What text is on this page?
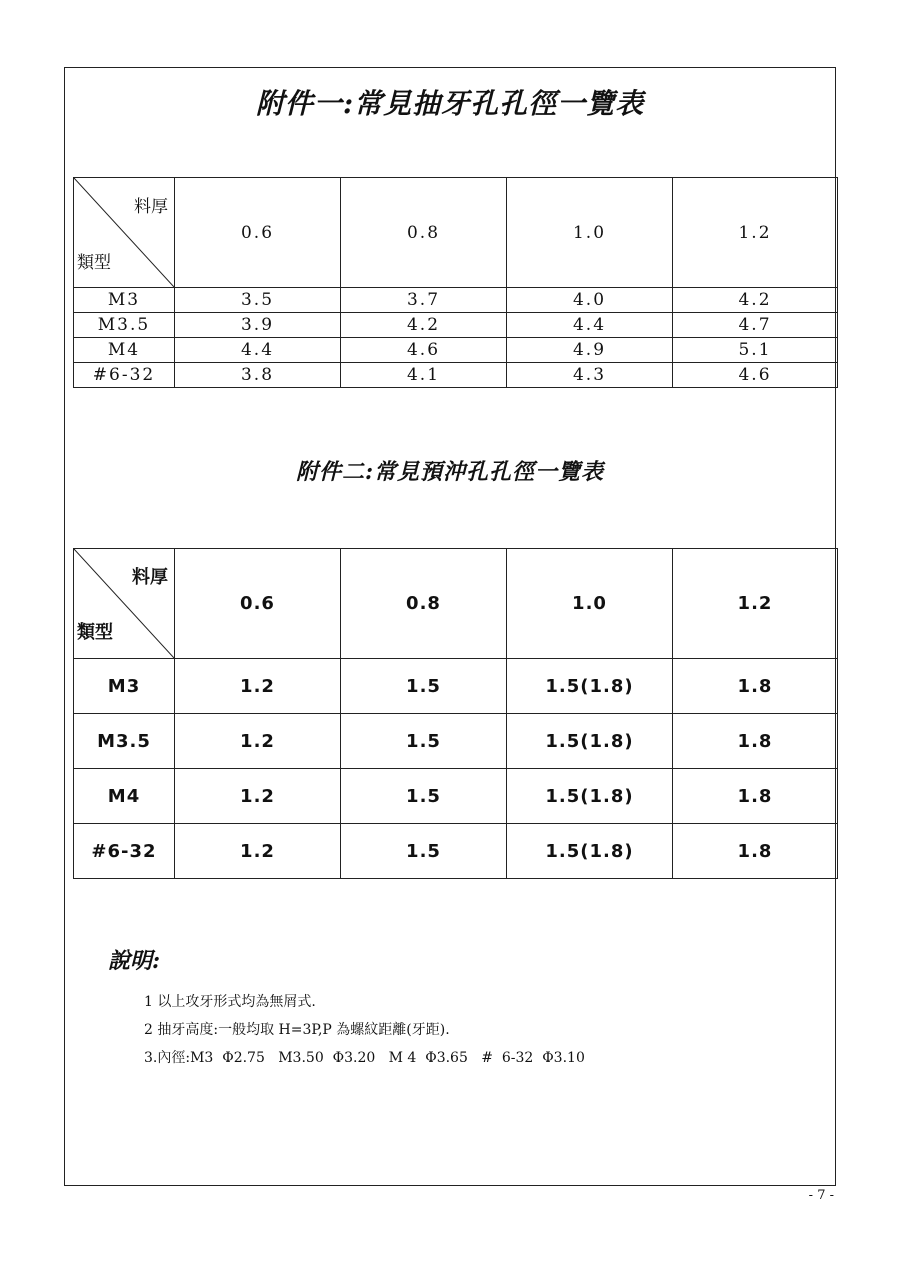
附件一:常見抽牙孔孔徑一覽表
料厚
類型	0.6	0.8	1.0	1.2
M3	3.5	3.7	4.0	4.2
M3.5	3.9	4.2	4.4	4.7
M4	4.4	4.6	4.9	5.1
#6-32	3.8	4.1	4.3	4.6
附件二:常見預沖孔孔徑一覽表
料厚
類型	0.6	0.8	1.0	1.2
M3	1.2	1.5	1.5(1.8)	1.8
M3.5	1.2	1.5	1.5(1.8)	1.8
M4	1.2	1.5	1.5(1.8)	1.8
#6-32	1.2	1.5	1.5(1.8)	1.8
說明:
1 以上攻牙形式均為無屑式.
2 抽牙高度:一般均取 H=3P,P 為螺紋距離(牙距).
3.內徑:M3  Φ2.75   M3.50  Φ3.20   M 4  Φ3.65   #  6-32  Φ3.10
- 7 -
